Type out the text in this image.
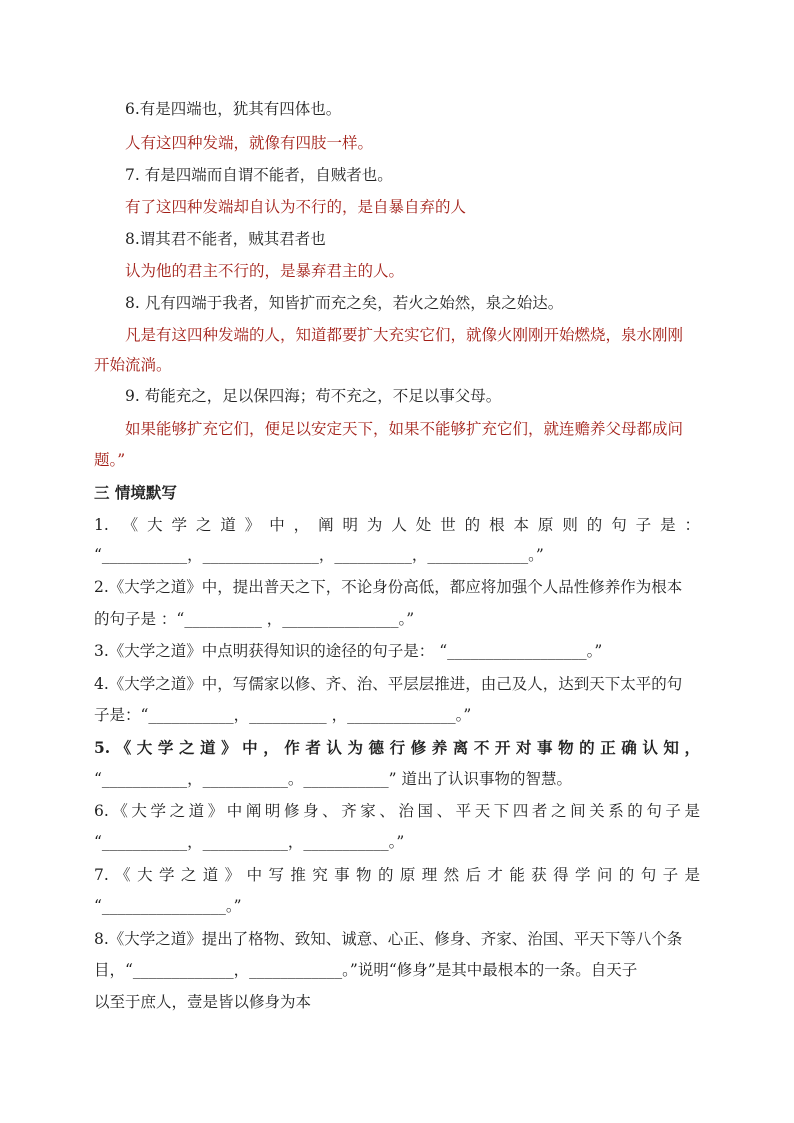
6.有是四端也，犹其有四体也。
人有这四种发端，就像有四肢一样。
7. 有是四端而自谓不能者，自贼者也。
有了这四种发端却自认为不行的，是自暴自弃的人
8.谓其君不能者，贼其君者也
认为他的君主不行的，是暴弃君主的人。
8. 凡有四端于我者，知皆扩而充之矣，若火之始然，泉之始达。
凡是有这四种发端的人，知道都要扩大充实它们，就像火刚刚开始燃烧，泉水刚刚
开始流淌。
9. 苟能充之，足以保四海；苟不充之，不足以事父母。
如果能够扩充它们，便足以安定天下，如果不能够扩充它们，就连赡养父母都成问
题。”
三 情境默写
1. 《大学之道》中，阐明为人处世的根本原则的句子是：
“___________，_______________，__________，_____________。”
2.《大学之道》中，提出普天之下，不论身份高低，都应将加强个人品性修养作为根本
的句子是 ：“__________ ，_______________。”
3.《大学之道》中点明获得知识的途径的句子是： “__________________。”
4.《大学之道》中，写儒家以修、齐、治、平层层推进，由己及人，达到天下太平的句
子是：“___________，__________ ，______________。”
5.《大学之道》中，作者认为德行修养离不开对事物的正确认知，
“___________，___________。___________” 道出了认识事物的智慧。
6.《大学之道》中阐明修身、齐家、治国、平天下四者之间关系的句子是
“___________，___________，___________。”
7.《大学之道》中写推究事物的原理然后才能获得学问的句子是
“________________。”
8.《大学之道》提出了格物、致知、诚意、心正、修身、齐家、治国、平天下等八个条
目，“_____________，____________。”说明“修身”是其中最根本的一条。自天子
以至于庶人，壹是皆以修身为本
